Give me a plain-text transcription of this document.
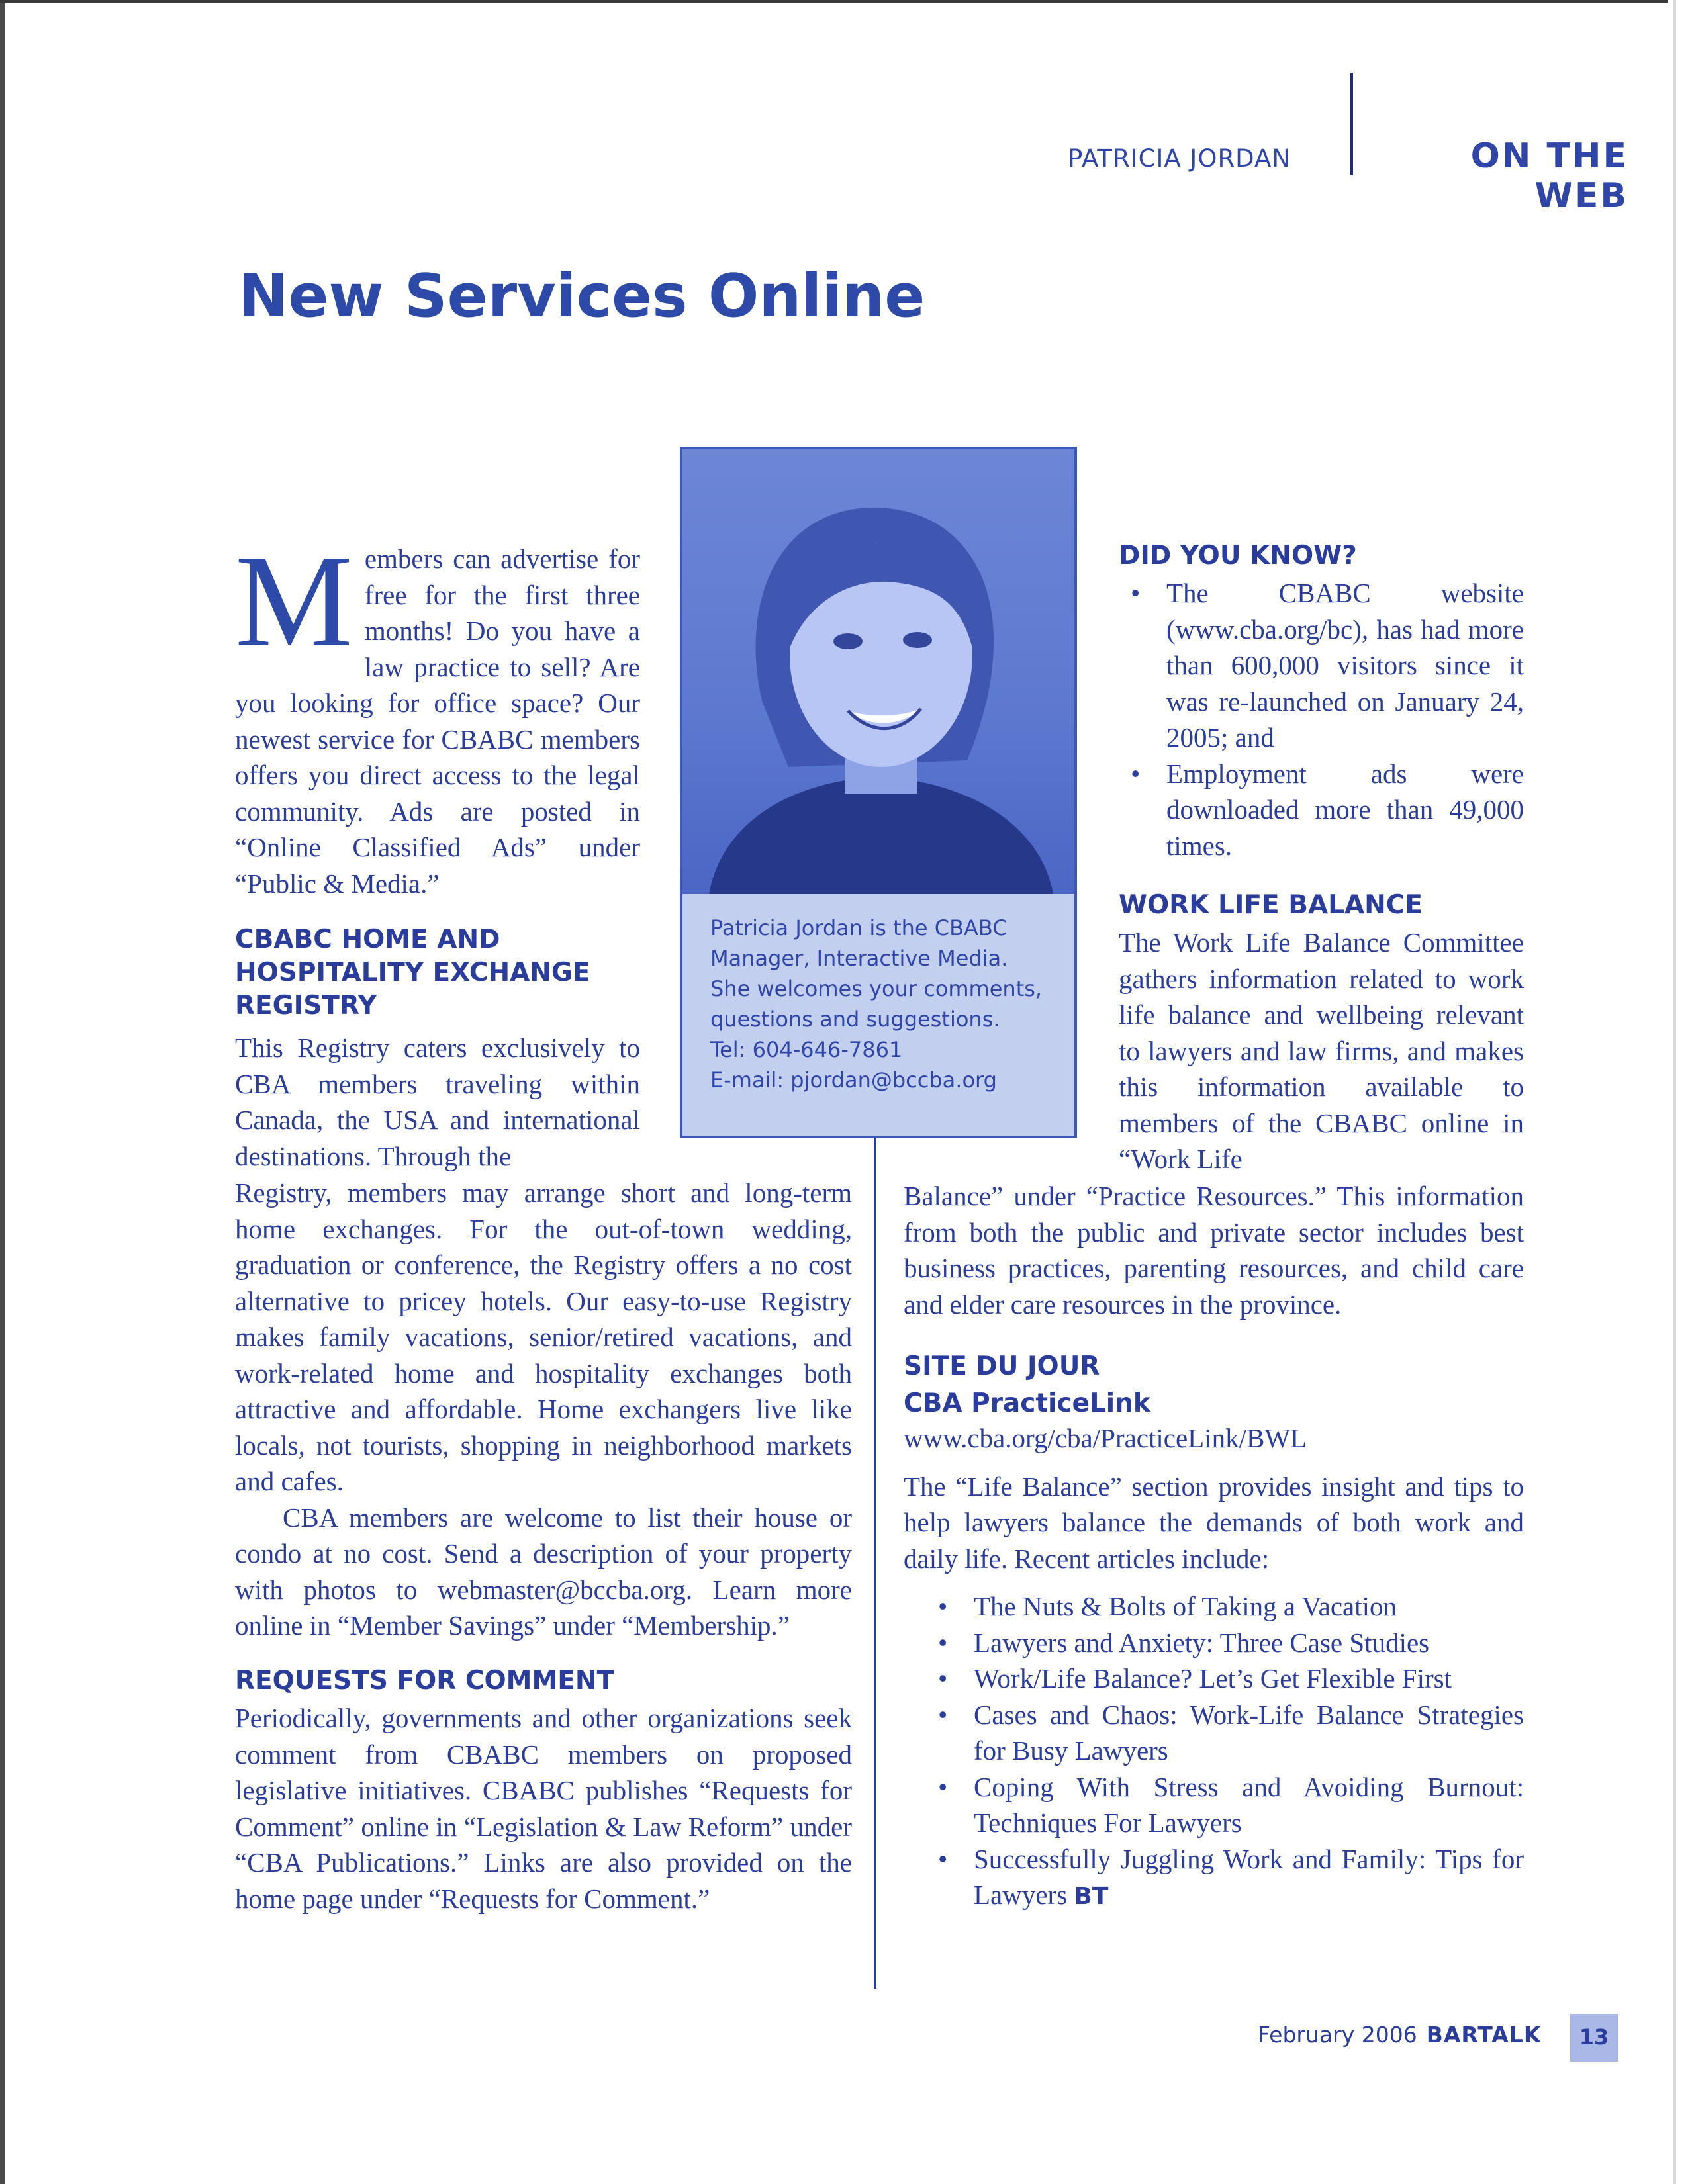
PATRICIA JORDAN	ON THE WEB
New Services Online
Patricia Jordan is the CBABC
Manager, Interactive Media.
She welcomes your comments,
questions and suggestions.
Tel: 604-646-7861
E-mail: pjordan@bccba.org

Members can advertise for free for the first three months! Do you have a law practice to sell? Are you looking for office space? Our newest service for CBABC members offers you direct access to the legal community. Ads are posted in “Online Classified Ads” under “Public & Media.”

CBABC HOME AND HOSPITALITY EXCHANGE REGISTRY

This Registry caters exclusively to CBA members traveling within Canada, the USA and international destinations. Through the

Registry, members may arrange short and long-term home exchanges. For the out-of-town wedding, graduation or conference, the Registry offers a no cost alternative to pricey hotels. Our easy-to-use Registry makes family vacations, senior/retired vacations, and work-related home and hospitality exchanges both attractive and affordable. Home exchangers live like locals, not tourists, shopping in neighborhood markets and cafes.

CBA members are welcome to list their house or condo at no cost. Send a description of your property with photos to webmaster@bccba.org. Learn more online in “Member Savings” under “Membership.”

REQUESTS FOR COMMENT

Periodically, governments and other organizations seek comment from CBABC members on proposed legislative initiatives. CBABC publishes “Requests for Comment” online in “Legislation & Law Reform” under “CBA Publications.” Links are also provided on the home page under “Requests for Comment.”

DID YOU KNOW?

• The CBABC website (www.cba.org/bc), has had more than 600,000 visitors since it was re-launched on January 24, 2005; and
• Employment ads were downloaded more than 49,000 times.

WORK LIFE BALANCE

The Work Life Balance Committee gathers information related to work life balance and wellbeing relevant to lawyers and law firms, and makes this information available to members of the CBABC online in “Work Life

Balance” under “Practice Resources.” This information from both the public and private sector includes best business practices, parenting resources, and child care and elder care resources in the province.

SITE DU JOUR

CBA PracticeLink

www.cba.org/cba/PracticeLink/BWL

The “Life Balance” section provides insight and tips to help lawyers balance the demands of both work and daily life. Recent articles include:

• The Nuts & Bolts of Taking a Vacation
• Lawyers and Anxiety: Three Case Studies
• Work/Life Balance? Let’s Get Flexible First
• Cases and Chaos: Work-Life Balance Strategies for Busy Lawyers
• Coping With Stress and Avoiding Burnout: Techniques For Lawyers
• Successfully Juggling Work and Family: Tips for Lawyers BT
February 2006 BARTALK	13
